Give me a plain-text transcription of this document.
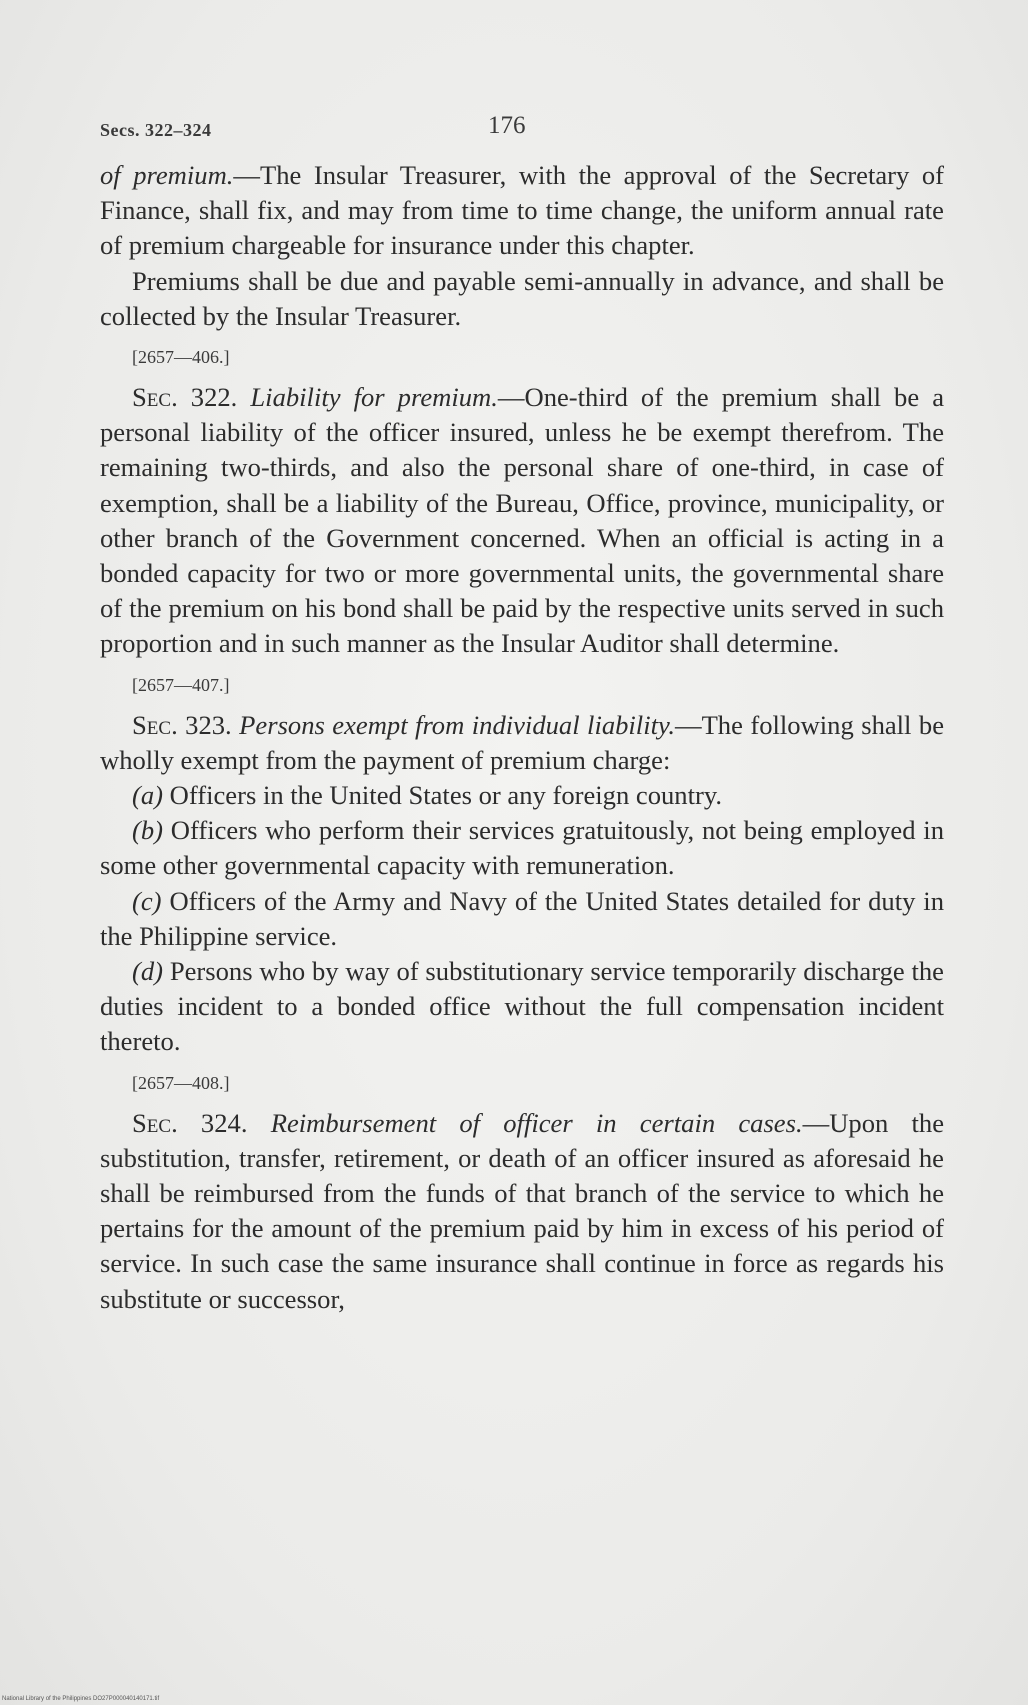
Secs. 322–324	176

of premium.—The Insular Treasurer, with the approval of the Secretary of Finance, shall fix, and may from time to time change, the uniform annual rate of premium chargeable for insurance under this chapter.

Premiums shall be due and payable semi-annually in advance, and shall be collected by the Insular Treasurer.

[2657—406.]

Sec. 322. Liability for premium.—One-third of the premium shall be a personal liability of the officer insured, unless he be exempt therefrom. The remaining two-thirds, and also the personal share of one-third, in case of exemption, shall be a liability of the Bureau, Office, province, municipality, or other branch of the Government concerned. When an official is acting in a bonded capacity for two or more governmental units, the governmental share of the premium on his bond shall be paid by the respective units served in such proportion and in such manner as the Insular Auditor shall determine.

[2657—407.]

Sec. 323. Persons exempt from individual liability.—The following shall be wholly exempt from the payment of premium charge:

(a) Officers in the United States or any foreign country.

(b) Officers who perform their services gratuitously, not being employed in some other governmental capacity with remuneration.

(c) Officers of the Army and Navy of the United States detailed for duty in the Philippine service.

(d) Persons who by way of substitutionary service temporarily discharge the duties incident to a bonded office without the full compensation incident thereto.

[2657—408.]

Sec. 324. Reimbursement of officer in certain cases.—Upon the substitution, transfer, retirement, or death of an officer insured as aforesaid he shall be reimbursed from the funds of that branch of the service to which he pertains for the amount of the premium paid by him in excess of his period of service. In such case the same insurance shall continue in force as regards his substitute or successor,

National Library of the Philippines DO27P000040140171.tif
